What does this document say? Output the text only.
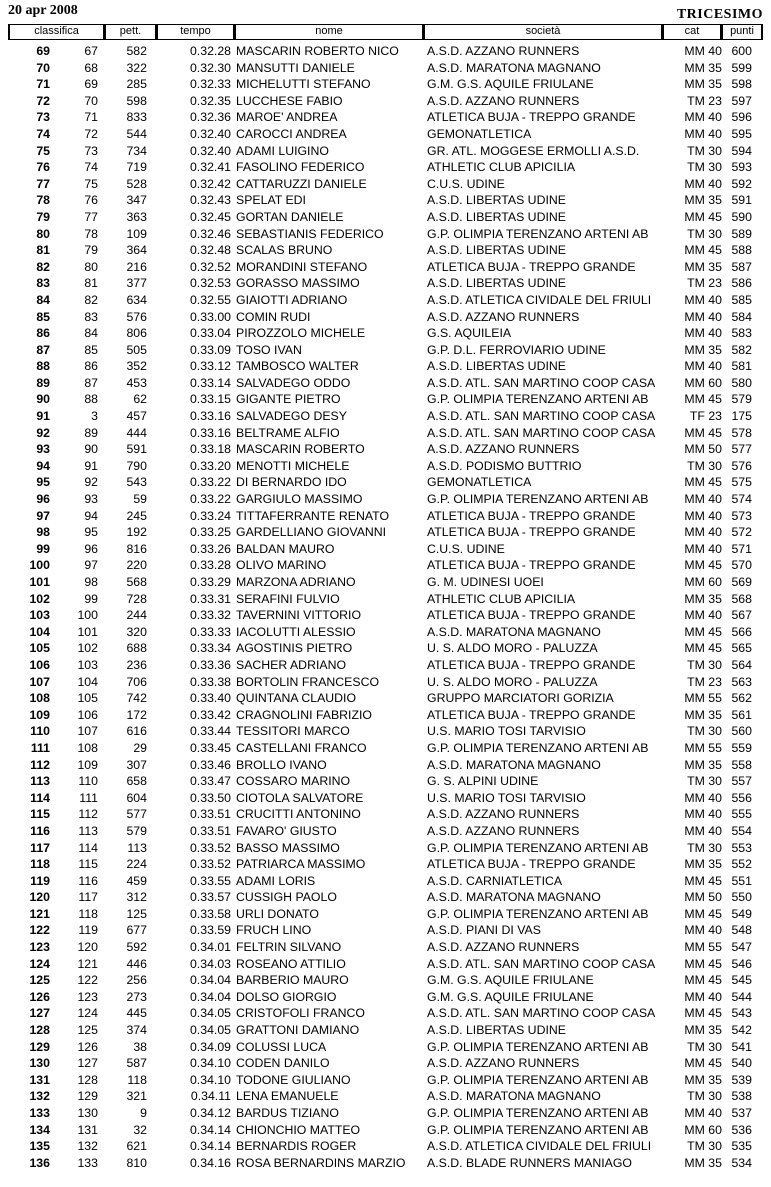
20 apr 2008	TRICESIMO
classifica	pett.	tempo	nome	società	cat	punti
69	67	582	0.32.28 MASCARIN ROBERTO NICO	A.S.D. AZZANO RUNNERS	MM 40 600
70	68	322	0.32.30 MANSUTTI DANIELE	A.S.D. MARATONA MAGNANO	MM 35 599
71	69	285	0.32.33 MICHELUTTI STEFANO	G.M. G.S. AQUILE FRIULANE	MM 35 598
72	70	598	0.32.35 LUCCHESE FABIO	A.S.D. AZZANO RUNNERS	TM 23 597
73	71	833	0.32.36 MAROE' ANDREA	ATLETICA BUJA - TREPPO GRANDE	MM 40 596
74	72	544	0.32.40 CAROCCI ANDREA	GEMONATLETICA	MM 40 595
75	73	734	0.32.40 ADAMI LUIGINO	GR. ATL. MOGGESE ERMOLLI A.S.D.	TM 30 594
76	74	719	0.32.41 FASOLINO FEDERICO	ATHLETIC CLUB APICILIA	TM 30 593
77	75	528	0.32.42 CATTARUZZI DANIELE	C.U.S. UDINE	MM 40 592
78	76	347	0.32.43 SPELAT EDI	A.S.D. LIBERTAS UDINE	MM 35 591
79	77	363	0.32.45 GORTAN DANIELE	A.S.D. LIBERTAS UDINE	MM 45 590
80	78	109	0.32.46 SEBASTIANIS FEDERICO	G.P. OLIMPIA TERENZANO ARTENI AB	TM 30 589
81	79	364	0.32.48 SCALAS BRUNO	A.S.D. LIBERTAS UDINE	MM 45 588
82	80	216	0.32.52 MORANDINI STEFANO	ATLETICA BUJA - TREPPO GRANDE	MM 35 587
83	81	377	0.32.53 GORASSO MASSIMO	A.S.D. LIBERTAS UDINE	TM 23 586
84	82	634	0.32.55 GIAIOTTI ADRIANO	A.S.D. ATLETICA CIVIDALE DEL FRIULI	MM 40 585
85	83	576	0.33.00 COMIN RUDI	A.S.D. AZZANO RUNNERS	MM 40 584
86	84	806	0.33.04 PIROZZOLO MICHELE	G.S. AQUILEIA	MM 40 583
87	85	505	0.33.09 TOSO IVAN	G.P. D.L. FERROVIARIO UDINE	MM 35 582
88	86	352	0.33.12 TAMBOSCO WALTER	A.S.D. LIBERTAS UDINE	MM 40 581
89	87	453	0.33.14 SALVADEGO ODDO	A.S.D. ATL. SAN MARTINO COOP CASA	MM 60 580
90	88	62	0.33.15 GIGANTE PIETRO	G.P. OLIMPIA TERENZANO ARTENI AB	MM 45 579
91	3	457	0.33.16 SALVADEGO DESY	A.S.D. ATL. SAN MARTINO COOP CASA	TF 23 175
92	89	444	0.33.16 BELTRAME ALFIO	A.S.D. ATL. SAN MARTINO COOP CASA	MM 45 578
93	90	591	0.33.18 MASCARIN ROBERTO	A.S.D. AZZANO RUNNERS	MM 50 577
94	91	790	0.33.20 MENOTTI MICHELE	A.S.D. PODISMO BUTTRIO	TM 30 576
95	92	543	0.33.22 DI BERNARDO IDO	GEMONATLETICA	MM 45 575
96	93	59	0.33.22 GARGIULO MASSIMO	G.P. OLIMPIA TERENZANO ARTENI AB	MM 40 574
97	94	245	0.33.24 TITTAFERRANTE RENATO	ATLETICA BUJA - TREPPO GRANDE	MM 40 573
98	95	192	0.33.25 GARDELLIANO GIOVANNI	ATLETICA BUJA - TREPPO GRANDE	MM 40 572
99	96	816	0.33.26 BALDAN MAURO	C.U.S. UDINE	MM 40 571
100	97	220	0.33.28 OLIVO MARINO	ATLETICA BUJA - TREPPO GRANDE	MM 45 570
101	98	568	0.33.29 MARZONA ADRIANO	G. M. UDINESI UOEI	MM 60 569
102	99	728	0.33.31 SERAFINI FULVIO	ATHLETIC CLUB APICILIA	MM 35 568
103	100	244	0.33.32 TAVERNINI VITTORIO	ATLETICA BUJA - TREPPO GRANDE	MM 40 567
104	101	320	0.33.33 IACOLUTTI ALESSIO	A.S.D. MARATONA MAGNANO	MM 45 566
105	102	688	0.33.34 AGOSTINIS PIETRO	U. S. ALDO MORO - PALUZZA	MM 45 565
106	103	236	0.33.36 SACHER ADRIANO	ATLETICA BUJA - TREPPO GRANDE	TM 30 564
107	104	706	0.33.38 BORTOLIN FRANCESCO	U. S. ALDO MORO - PALUZZA	TM 23 563
108	105	742	0.33.40 QUINTANA CLAUDIO	GRUPPO MARCIATORI GORIZIA	MM 55 562
109	106	172	0.33.42 CRAGNOLINI FABRIZIO	ATLETICA BUJA - TREPPO GRANDE	MM 35 561
110	107	616	0.33.44 TESSITORI MARCO	U.S. MARIO TOSI TARVISIO	TM 30 560
111	108	29	0.33.45 CASTELLANI FRANCO	G.P. OLIMPIA TERENZANO ARTENI AB	MM 55 559
112	109	307	0.33.46 BROLLO IVANO	A.S.D. MARATONA MAGNANO	MM 35 558
113	110	658	0.33.47 COSSARO MARINO	G. S. ALPINI UDINE	TM 30 557
114	111	604	0.33.50 CIOTOLA SALVATORE	U.S. MARIO TOSI TARVISIO	MM 40 556
115	112	577	0.33.51 CRUCITTI ANTONINO	A.S.D. AZZANO RUNNERS	MM 40 555
116	113	579	0.33.51 FAVARO' GIUSTO	A.S.D. AZZANO RUNNERS	MM 40 554
117	114	113	0.33.52 BASSO MASSIMO	G.P. OLIMPIA TERENZANO ARTENI AB	TM 30 553
118	115	224	0.33.52 PATRIARCA MASSIMO	ATLETICA BUJA - TREPPO GRANDE	MM 35 552
119	116	459	0.33.55 ADAMI LORIS	A.S.D. CARNIATLETICA	MM 45 551
120	117	312	0.33.57 CUSSIGH PAOLO	A.S.D. MARATONA MAGNANO	MM 50 550
121	118	125	0.33.58 URLI DONATO	G.P. OLIMPIA TERENZANO ARTENI AB	MM 45 549
122	119	677	0.33.59 FRUCH LINO	A.S.D. PIANI DI VAS	MM 40 548
123	120	592	0.34.01 FELTRIN SILVANO	A.S.D. AZZANO RUNNERS	MM 55 547
124	121	446	0.34.03 ROSEANO ATTILIO	A.S.D. ATL. SAN MARTINO COOP CASA	MM 45 546
125	122	256	0.34.04 BARBERIO MAURO	G.M. G.S. AQUILE FRIULANE	MM 45 545
126	123	273	0.34.04 DOLSO GIORGIO	G.M. G.S. AQUILE FRIULANE	MM 40 544
127	124	445	0.34.05 CRISTOFOLI FRANCO	A.S.D. ATL. SAN MARTINO COOP CASA	MM 45 543
128	125	374	0.34.05 GRATTONI DAMIANO	A.S.D. LIBERTAS UDINE	MM 35 542
129	126	38	0.34.09 COLUSSI LUCA	G.P. OLIMPIA TERENZANO ARTENI AB	TM 30 541
130	127	587	0.34.10 CODEN DANILO	A.S.D. AZZANO RUNNERS	MM 45 540
131	128	118	0.34.10 TODONE GIULIANO	G.P. OLIMPIA TERENZANO ARTENI AB	MM 35 539
132	129	321	0.34.11 LENA EMANUELE	A.S.D. MARATONA MAGNANO	TM 30 538
133	130	9	0.34.12 BARDUS TIZIANO	G.P. OLIMPIA TERENZANO ARTENI AB	MM 40 537
134	131	32	0.34.14 CHIONCHIO MATTEO	G.P. OLIMPIA TERENZANO ARTENI AB	MM 60 536
135	132	621	0.34.14 BERNARDIS ROGER	A.S.D. ATLETICA CIVIDALE DEL FRIULI	TM 30 535
136	133	810	0.34.16 ROSA BERNARDINS MARZIO	A.S.D. BLADE RUNNERS MANIAGO	MM 35 534
